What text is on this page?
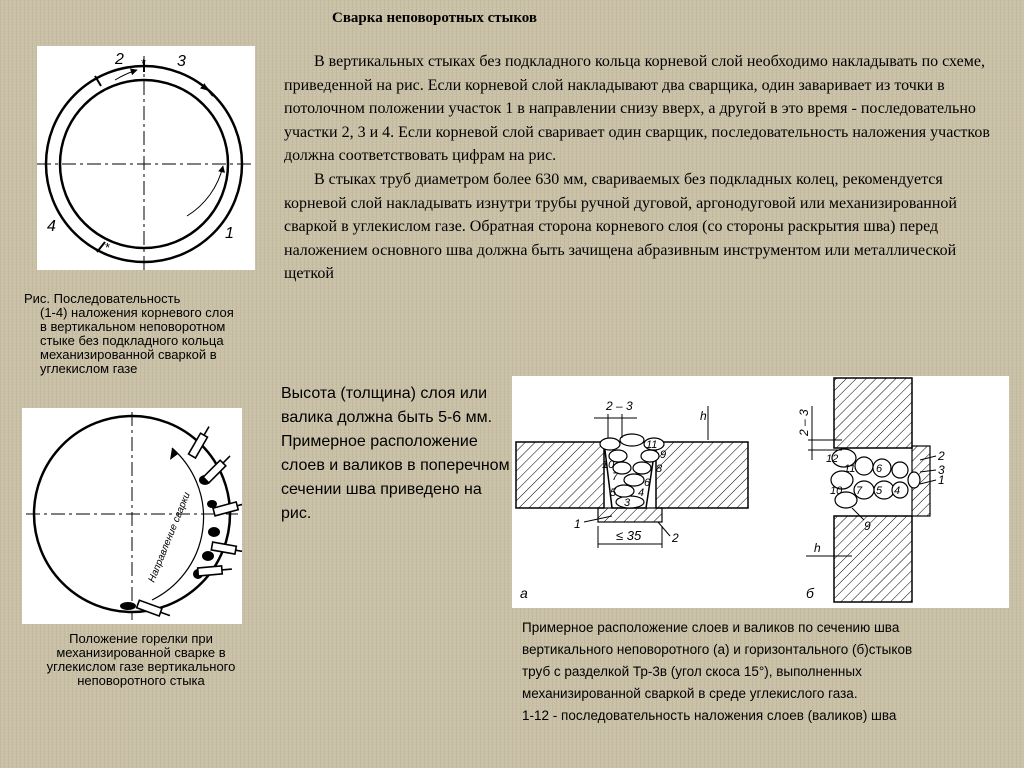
Сварка неповоротных стыков

В вертикальных стыках без подкладного кольца корневой слой необходимо накладывать по схеме, приведенной на рис. Если корневой слой накладывают два сварщика, один заваривает из точки в потолочном положении участок 1 в направлении снизу вверх, а другой в это время - последовательно участки 2, 3 и 4. Если корневой слой сваривает один сварщик, последовательность наложения участков должна соответствовать цифрам на рис.

В стыках труб диаметром более 630 мм, свариваемых без подкладных колец, рекомендуется корневой слой накладывать изнутри трубы ручной дуговой, аргонодуговой или механизированной сваркой в углекислом газе. Обратная сторона корневого слоя (со стороны раскрытия шва) перед наложением основного шва должна быть зачищена абразивным инструментом или металлической щеткой

*
*
2	3
4	1
Рис. Последовательность
(1-4) наложения корневого слоя в вертикальном неповоротном стыке без подкладного кольца механизированной сваркой в углекислом газе
Направление сварки
Положение горелки при механизированной сварке в углекислом газе вертикального неповоротного стыка
Высота (толщина) слоя или валика должна быть 5-6 мм. Примерное расположение слоев и валиков в поперечном сечении шва приведено на рис.
2 – 3
h
≤ 35
1
2
10
11
9
7
8
5
6
3
4
а
2 – 3
h
12
11
10 7
6
5 4
2
3
1
9
б
Примерное расположение слоев и валиков по сечению шва
вертикального неповоротного (а) и горизонтального (б)стыков
труб с разделкой Тр-3в (угол скоса 15°), выполненных
механизированной сваркой в среде углекислого газа.
1-12 - последовательность наложения слоев (валиков) шва
